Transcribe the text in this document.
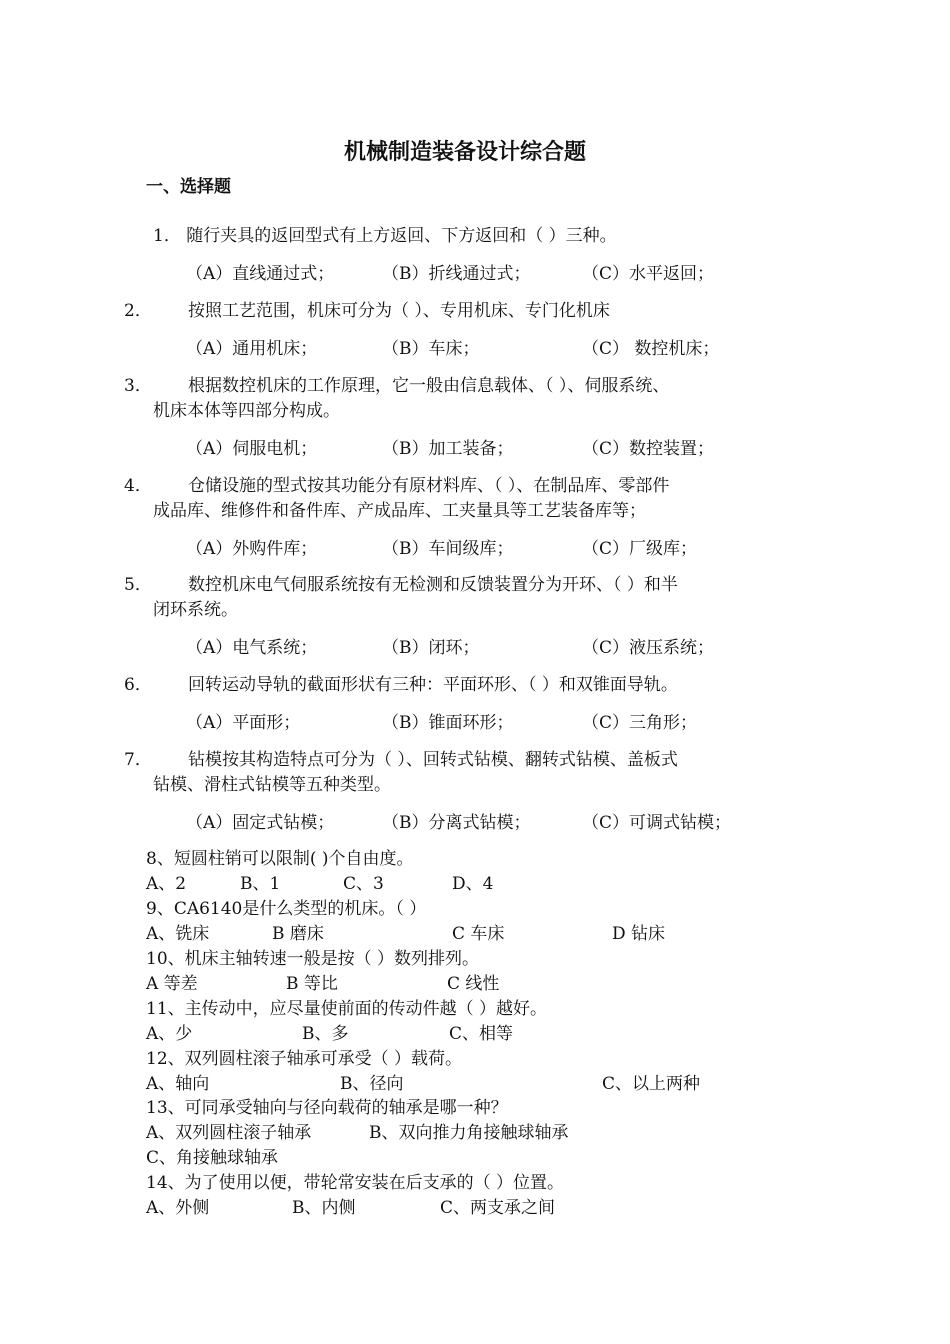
机械制造装备设计综合题
一、选择题
1． 随行夹具的返回型式有上方返回、下方返回和（ ）三种。
（A）直线通过式；	（B）折线通过式；	（C）水平返回；
2． 按照工艺范围，机床可分为（ ）、专用机床、专门化机床
（A）通用机床；	（B）车床；	（C） 数控机床；
3． 根据数控机床的工作原理，它一般由信息载体、（ ）、伺服系统、
机床本体等四部分构成。
（A）伺服电机；	（B）加工装备；	（C）数控装置；
4． 仓储设施的型式按其功能分有原材料库、（ ）、在制品库、零部件
成品库、维修件和备件库、产成品库、工夹量具等工艺装备库等；
（A）外购件库；	（B）车间级库；	（C）厂级库；
5． 数控机床电气伺服系统按有无检测和反馈装置分为开环、（ ）和半
闭环系统。
（A）电气系统；	（B）闭环；	（C）液压系统；
6． 回转运动导轨的截面形状有三种：平面环形、（ ）和双锥面导轨。
（A）平面形；	（B）锥面环形；	（C）三角形；
7． 钻模按其构造特点可分为（ ）、回转式钻模、翻转式钻模、盖板式
钻模、滑柱式钻模等五种类型。
（A）固定式钻模；	（B）分离式钻模；	（C）可调式钻模；
8、短圆柱销可以限制( )个自由度。
A、2	B、1	C、3	D、4
9、CA6140是什么类型的机床。（ ）
A、铣床	B 磨床	C 车床	D 钻床
10、机床主轴转速一般是按（ ）数列排列。
A 等差	B 等比	C 线性
11、主传动中，应尽量使前面的传动件越（ ）越好。
A、少	B、多	C、相等
12、双列圆柱滚子轴承可承受（ ）载荷。
A、轴向	B、径向	C、以上两种
13、可同承受轴向与径向载荷的轴承是哪一种？
A、双列圆柱滚子轴承	B、双向推力角接触球轴承
C、角接触球轴承
14、为了使用以便，带轮常安装在后支承的（ ）位置。
A、外侧	B、内侧	C、两支承之间
